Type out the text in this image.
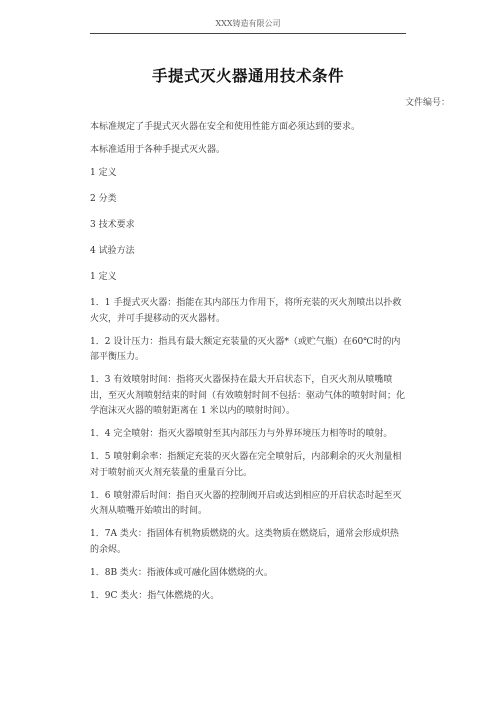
XXX铸造有限公司
手提式灭火器通用技术条件
文件编号：

本标准规定了手提式灭火器在安全和使用性能方面必须达到的要求。

本标准适用于各种手提式灭火器。

1 定义

2 分类

3 技术要求

4 试验方法

1 定义

1．1 手提式灭火器：指能在其内部压力作用下，将所充装的灭火剂喷出以扑救火灾，并可手提移动的灭火器材。

1．2 设计压力：指具有最大额定充装量的灭火器*（或贮气瓶）在60℃时的内部平衡压力。

1．3 有效喷射时间：指将灭火器保持在最大开启状态下，自灭火剂从喷嘴喷出，至灭火剂喷射结束的时间（有效喷射时间不包括：驱动气体的喷射时间；化学泡沫灭火器的喷射距离在 1 米以内的喷射时间）。

1．4 完全喷射：指灭火器喷射至其内部压力与外界环境压力相等时的喷射。

1．5 喷射剩余率：指额定充装的灭火器在完全喷射后，内部剩余的灭火剂量相对于喷射前灭火剂充装量的重量百分比。

1．6 喷射滞后时间：指自灭火器的控制阀开启或达到相应的开启状态时起至灭火剂从喷嘴开始喷出的时间。

1．7A 类火：指固体有机物质燃烧的火。这类物质在燃烧后，通常会形成炽热的余烬。

1．8B 类火：指液体或可融化固体燃烧的火。

1．9C 类火：指气体燃烧的火。
